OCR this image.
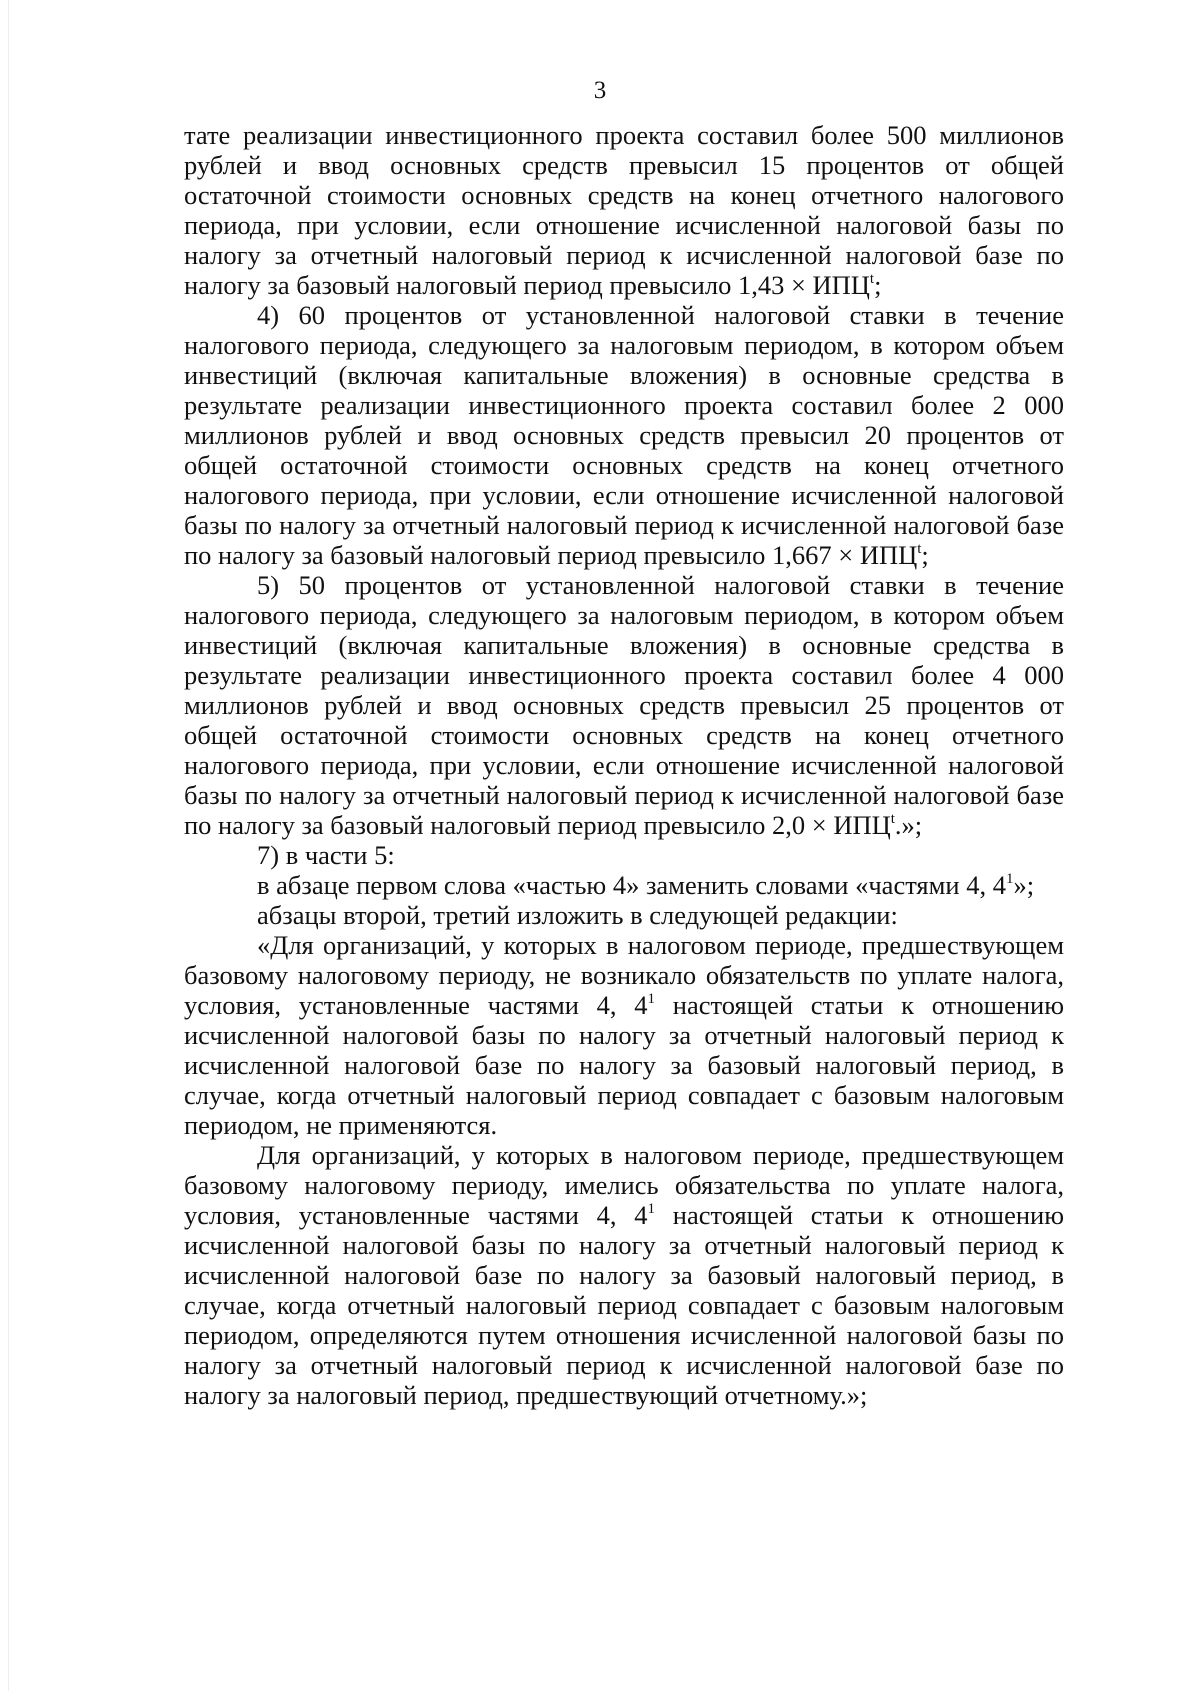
3

тате реализации инвестиционного проекта составил более 500 миллионов рублей и ввод основных средств превысил 15 процентов от общей остаточной стоимости основных средств на конец отчетного налогового периода, при условии, если отношение исчисленной налоговой базы по налогу за отчетный налоговый период к исчисленной налоговой базе по налогу за базовый налоговый период превысило $1,43 \times ИПЦ^t$;

4) 60 процентов от установленной налоговой ставки в течение налогового периода, следующего за налоговым периодом, в котором объем инвестиций (включая капитальные вложения) в основные средства в результате реализации инвестиционного проекта составил более 2 000 миллионов рублей и ввод основных средств превысил 20 процентов от общей остаточной стоимости основных средств на конец отчетного налогового периода, при условии, если отношение исчисленной налоговой базы по налогу за отчетный налоговый период к исчисленной налоговой базе по налогу за базовый налоговый период превысило $1,667 \times ИПЦ^t$;

5) 50 процентов от установленной налоговой ставки в течение налогового периода, следующего за налоговым периодом, в котором объем инвестиций (включая капитальные вложения) в основные средства в результате реализации инвестиционного проекта составил более 4 000 миллионов рублей и ввод основных средств превысил 25 процентов от общей остаточной стоимости основных средств на конец отчетного налогового периода, при условии, если отношение исчисленной налоговой базы по налогу за отчетный налоговый период к исчисленной налоговой базе по налогу за базовый налоговый период превысило $2,0 \times ИПЦ^t$.»;

7) в части 5:

в абзаце первом слова «частью 4» заменить словами «частями 4, $4^1$»;

абзацы второй, третий изложить в следующей редакции:

«Для организаций, у которых в налоговом периоде, предшествующем базовому налоговому периоду, не возникало обязательств по уплате налога, условия, установленные частями 4, $4^1$ настоящей статьи к отношению исчисленной налоговой базы по налогу за отчетный налоговый период к исчисленной налоговой базе по налогу за базовый налоговый период, в случае, когда отчетный налоговый период совпадает с базовым налоговым периодом, не применяются.

Для организаций, у которых в налоговом периоде, предшествующем базовому налоговому периоду, имелись обязательства по уплате налога, условия, установленные частями 4, $4^1$ настоящей статьи к отношению исчисленной налоговой базы по налогу за отчетный налоговый период к исчисленной налоговой базе по налогу за базовый налоговый период, в случае, когда отчетный налоговый период совпадает с базовым налоговым периодом, определяются путем отношения исчисленной налоговой базы по налогу за отчетный налоговый период к исчисленной налоговой базе по налогу за налоговый период, предшествующий отчетному.»;
